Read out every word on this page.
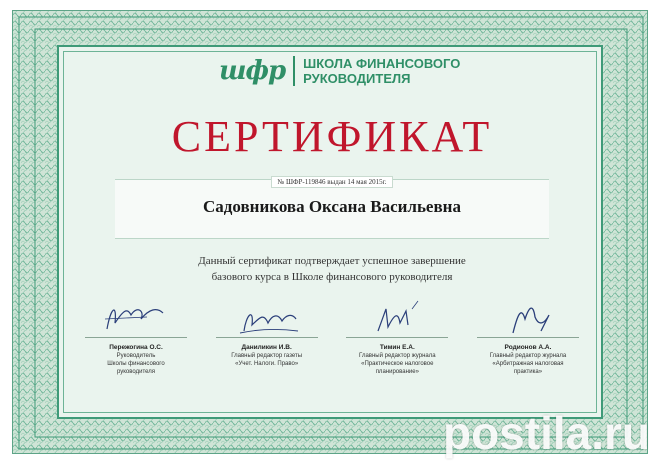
шфр	ШКОЛА ФИНАНСОВОГО
РУКОВОДИТЕЛЯ
СЕРТИФИКАТ
№ ШФР-119846 выдан 14 мая 2015г.
Садовникова Оксана Васильевна
Данный сертификат подтверждает успешное завершение
базового курса в Школе финансового руководителя
Пережогина О.С.
Руководитель
Школы финансового
руководителя
Даниликин И.В.
Главный редактор газеты
«Учет. Налоги. Право»
Тимин Е.А.
Главный редактор журнала
«Практическое налоговое
планирование»
Родионов А.А.
Главный редактор журнала
«Арбитражная налоговая
практика»
postila.ru
